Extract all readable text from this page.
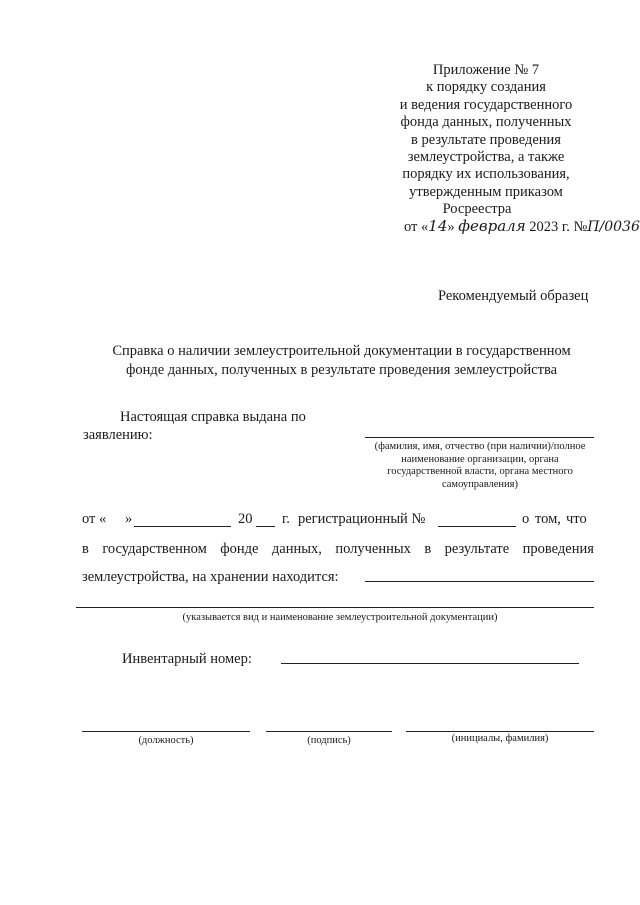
Приложение № 7
к порядку создания
и ведения государственного
фонда данных, полученных
в результате проведения
землеустройства, а также
порядку их использования,
утвержденным приказом
Росреестра
от «14» февраля 2023 г. №П/0036
Рекомендуемый образец
Справка о наличии землеустроительной документации в государственном
фонде данных, полученных в результате проведения землеустройства
Настоящая справка выдана по
заявлению:
(фамилия, имя, отчество (при наличии)/полное
наименование организации, органа
государственной власти, органа местного
самоуправления)
от « »	20 г. регистрационный №	о том, что
в государственном фонде данных, полученных в результате проведения
землеустройства, на хранении находится:
(указывается вид и наименование землеустроительной документации)
Инвентарный номер:
(должность)	(подпись)	(инициалы, фамилия)
